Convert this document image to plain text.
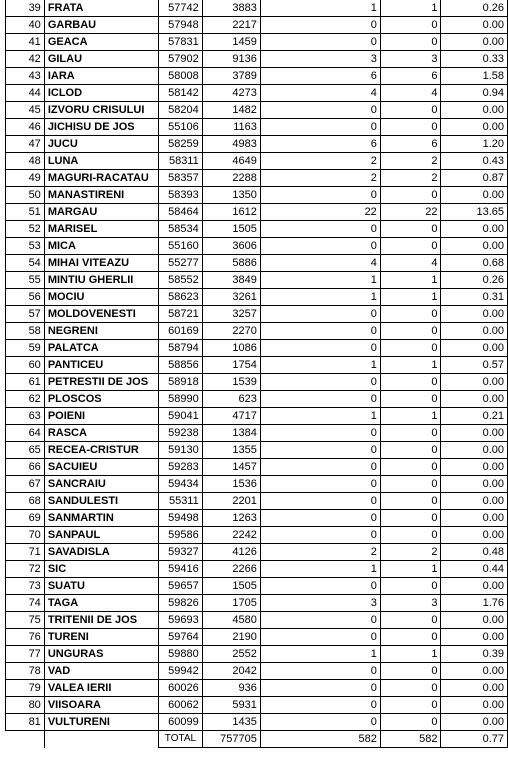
39	FRATA	57742	3883	1	1	0.26
40	GARBAU	57948	2217	0	0	0.00
41	GEACA	57831	1459	0	0	0.00
42	GILAU	57902	9136	3	3	0.33
43	IARA	58008	3789	6	6	1.58
44	ICLOD	58142	4273	4	4	0.94
45	IZVORU CRISULUI	58204	1482	0	0	0.00
46	JICHISU DE JOS	55106	1163	0	0	0.00
47	JUCU	58259	4983	6	6	1.20
48	LUNA	58311	4649	2	2	0.43
49	MAGURI-RACATAU	58357	2288	2	2	0.87
50	MANASTIRENI	58393	1350	0	0	0.00
51	MARGAU	58464	1612	22	22	13.65
52	MARISEL	58534	1505	0	0	0.00
53	MICA	55160	3606	0	0	0.00
54	MIHAI VITEAZU	55277	5886	4	4	0.68
55	MINTIU GHERLII	58552	3849	1	1	0.26
56	MOCIU	58623	3261	1	1	0.31
57	MOLDOVENESTI	58721	3257	0	0	0.00
58	NEGRENI	60169	2270	0	0	0.00
59	PALATCA	58794	1086	0	0	0.00
60	PANTICEU	58856	1754	1	1	0.57
61	PETRESTII DE JOS	58918	1539	0	0	0.00
62	PLOSCOS	58990	623	0	0	0.00
63	POIENI	59041	4717	1	1	0.21
64	RASCA	59238	1384	0	0	0.00
65	RECEA-CRISTUR	59130	1355	0	0	0.00
66	SACUIEU	59283	1457	0	0	0.00
67	SANCRAIU	59434	1536	0	0	0.00
68	SANDULESTI	55311	2201	0	0	0.00
69	SANMARTIN	59498	1263	0	0	0.00
70	SANPAUL	59586	2242	0	0	0.00
71	SAVADISLA	59327	4126	2	2	0.48
72	SIC	59416	2266	1	1	0.44
73	SUATU	59657	1505	0	0	0.00
74	TAGA	59826	1705	3	3	1.76
75	TRITENII DE JOS	59693	4580	0	0	0.00
76	TURENI	59764	2190	0	0	0.00
77	UNGURAS	59880	2552	1	1	0.39
78	VAD	59942	2042	0	0	0.00
79	VALEA IERII	60026	936	0	0	0.00
80	VIISOARA	60062	5931	0	0	0.00
81	VULTURENI	60099	1435	0	0	0.00
		TOTAL	757705	582	582	0.77
